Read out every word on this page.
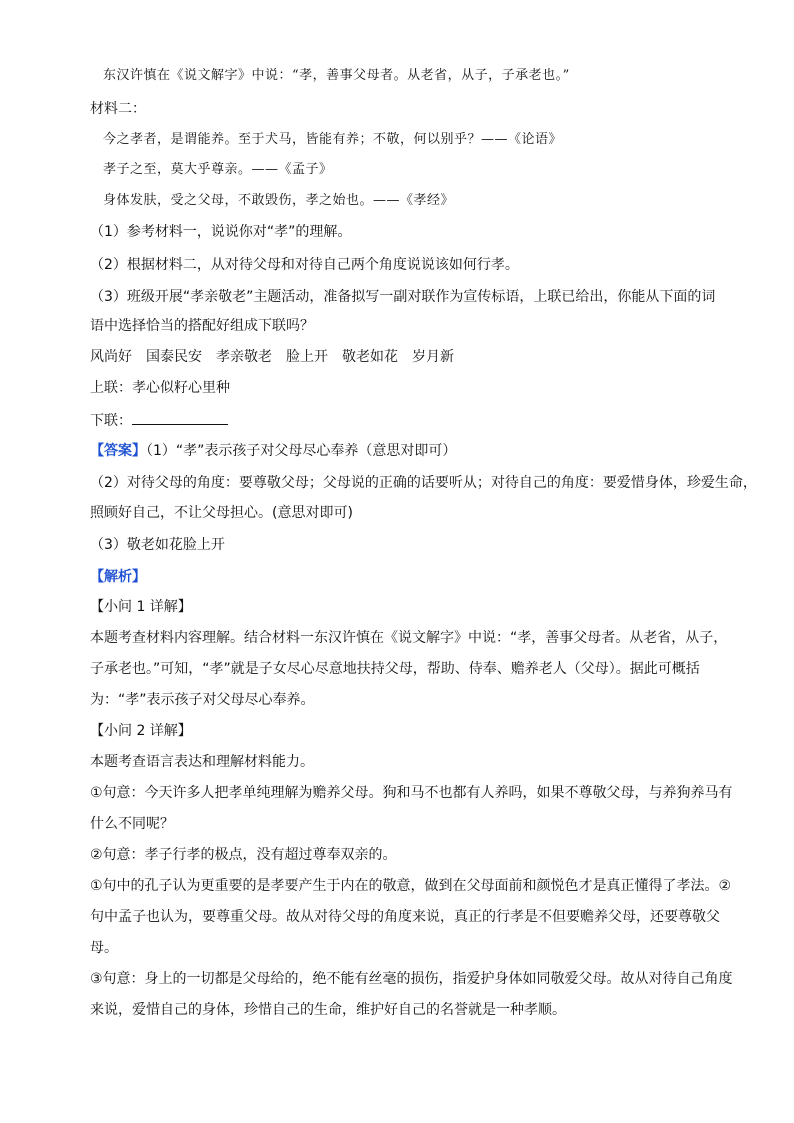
东汉许慎在《说文解字》中说：“孝，善事父母者。从老省，从子，子承老也。”
材料二：
今之孝者，是谓能养。至于犬马，皆能有养；不敬，何以别乎？——《论语》
孝子之至，莫大乎尊亲。——《孟子》
身体发肤，受之父母，不敢毁伤，孝之始也。——《孝经》
（1）参考材料一，说说你对“孝”的理解。
（2）根据材料二，从对待父母和对待自己两个角度说说该如何行孝。
（3）班级开展“孝亲敬老”主题活动，准备拟写一副对联作为宣传标语，上联已给出，你能从下面的词
语中选择恰当的搭配好组成下联吗？
风尚好　国泰民安　孝亲敬老　脸上开　敬老如花　岁月新
上联：孝心似籽心里种
下联：
【答案】（1）“孝”表示孩子对父母尽心奉养（意思对即可）
（2）对待父母的角度：要尊敬父母；父母说的正确的话要听从；对待自己的角度：要爱惜身体，珍爱生命，
照顾好自己，不让父母担心。(意思对即可)
（3）敬老如花脸上开
【解析】
【小问 1 详解】
本题考查材料内容理解。结合材料一东汉许慎在《说文解字》中说：“孝，善事父母者。从老省，从子，
子承老也。”可知，“孝”就是子女尽心尽意地扶持父母，帮助、侍奉、赡养老人（父母）。据此可概括
为：“孝”表示孩子对父母尽心奉养。
【小问 2 详解】
本题考查语言表达和理解材料能力。
①句意：今天许多人把孝单纯理解为赡养父母。狗和马不也都有人养吗，如果不尊敬父母，与养狗养马有
什么不同呢？
②句意：孝子行孝的极点，没有超过尊奉双亲的。
①句中的孔子认为更重要的是孝要产生于内在的敬意，做到在父母面前和颜悦色才是真正懂得了孝法。②
句中孟子也认为，要尊重父母。故从对待父母的角度来说，真正的行孝是不但要赡养父母，还要尊敬父
母。
③句意：身上的一切都是父母给的，绝不能有丝毫的损伤，指爱护身体如同敬爱父母。故从对待自己角度
来说，爱惜自己的身体，珍惜自己的生命，维护好自己的名誉就是一种孝顺。
